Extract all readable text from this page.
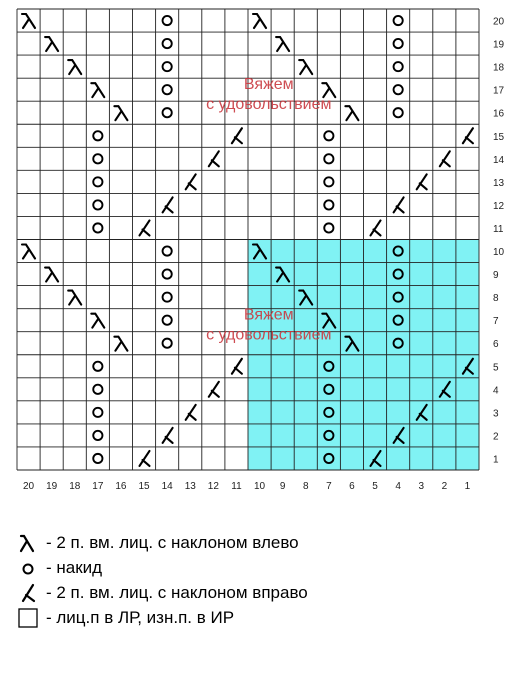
20
19
18
17
16
15
14
13
12
11
10
9
8
7
6
5
4
3
2
1
20 19 18 17 16 15 14 13 12 11 10 9 8 7 6 5 4 3 2 1
Вяжем
с удовольствием
Вяжем
с удовольствием
- 2 п. вм. лиц. с наклоном влево
- накид
- 2 п. вм. лиц. с наклоном вправо
- лиц.п в ЛР, изн.п. в ИР
